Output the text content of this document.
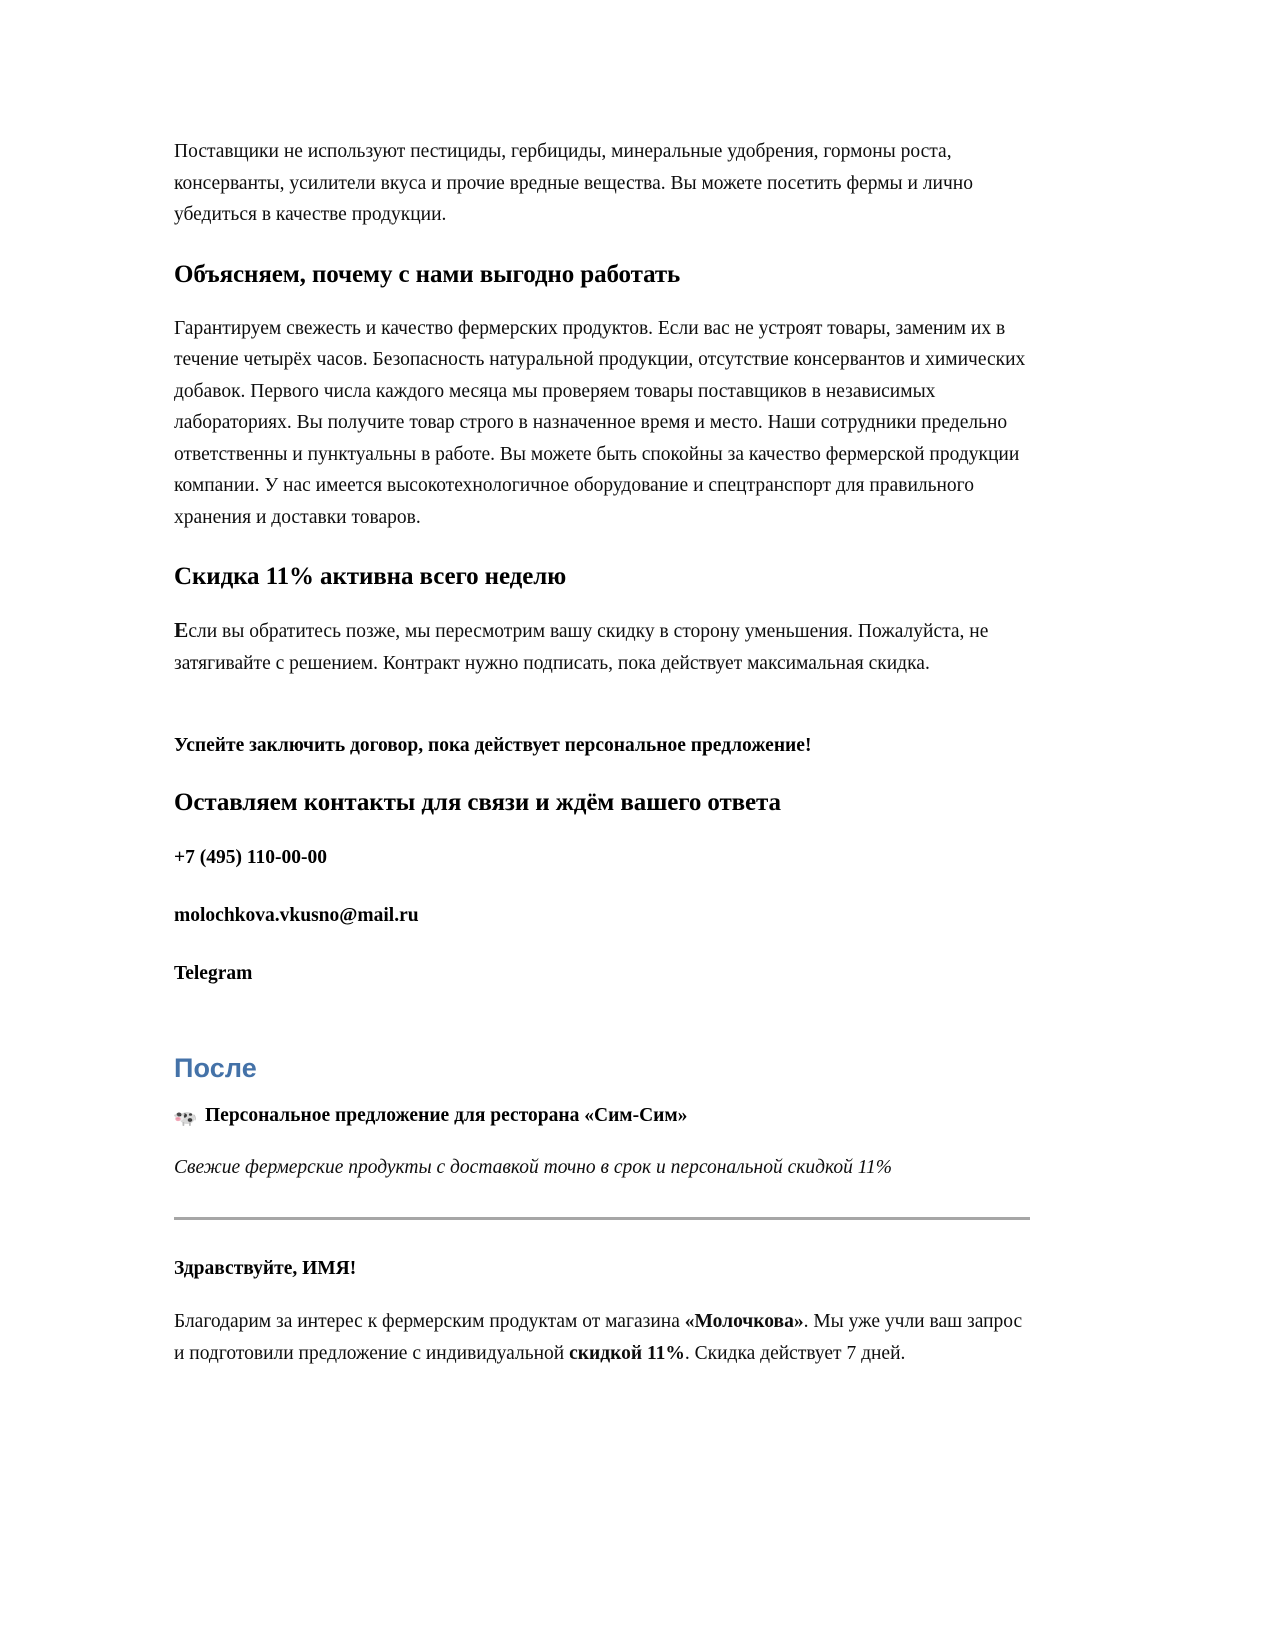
Поставщики не используют пестициды, гербициды, минеральные удобрения, гормоны роста, консерванты, усилители вкуса и прочие вредные вещества. Вы можете посетить фермы и лично убедиться в качестве продукции.

Объясняем, почему с нами выгодно работать

Гарантируем свежесть и качество фермерских продуктов. Если вас не устроят товары, заменим их в течение четырёх часов. Безопасность натуральной продукции, отсутствие консервантов и химических добавок. Первого числа каждого месяца мы проверяем товары поставщиков в независимых лабораториях. Вы получите товар строго в назначенное время и место. Наши сотрудники предельно ответственны и пунктуальны в работе. Вы можете быть спокойны за качество фермерской продукции компании. У нас имеется высокотехнологичное оборудование и спецтранспорт для правильного хранения и доставки товаров.

Скидка 11% активна всего неделю

Если вы обратитесь позже, мы пересмотрим вашу скидку в сторону уменьшения. Пожалуйста, не затягивайте с решением. Контракт нужно подписать, пока действует максимальная скидка.

Успейте заключить договор, пока действует персональное предложение!

Оставляем контакты для связи и ждём вашего ответа

+7 (495) 110-00-00

molochkova.vkusno@mail.ru

Telegram

После
Персональное предложение для ресторана «Сим-Сим»

Свежие фермерские продукты с доставкой точно в срок и персональной скидкой 11%

Здравствуйте, ИМЯ!

Благодарим за интерес к фермерским продуктам от магазина «Молочкова». Мы уже учли ваш запрос и подготовили предложение с индивидуальной скидкой 11%. Скидка действует 7 дней.
